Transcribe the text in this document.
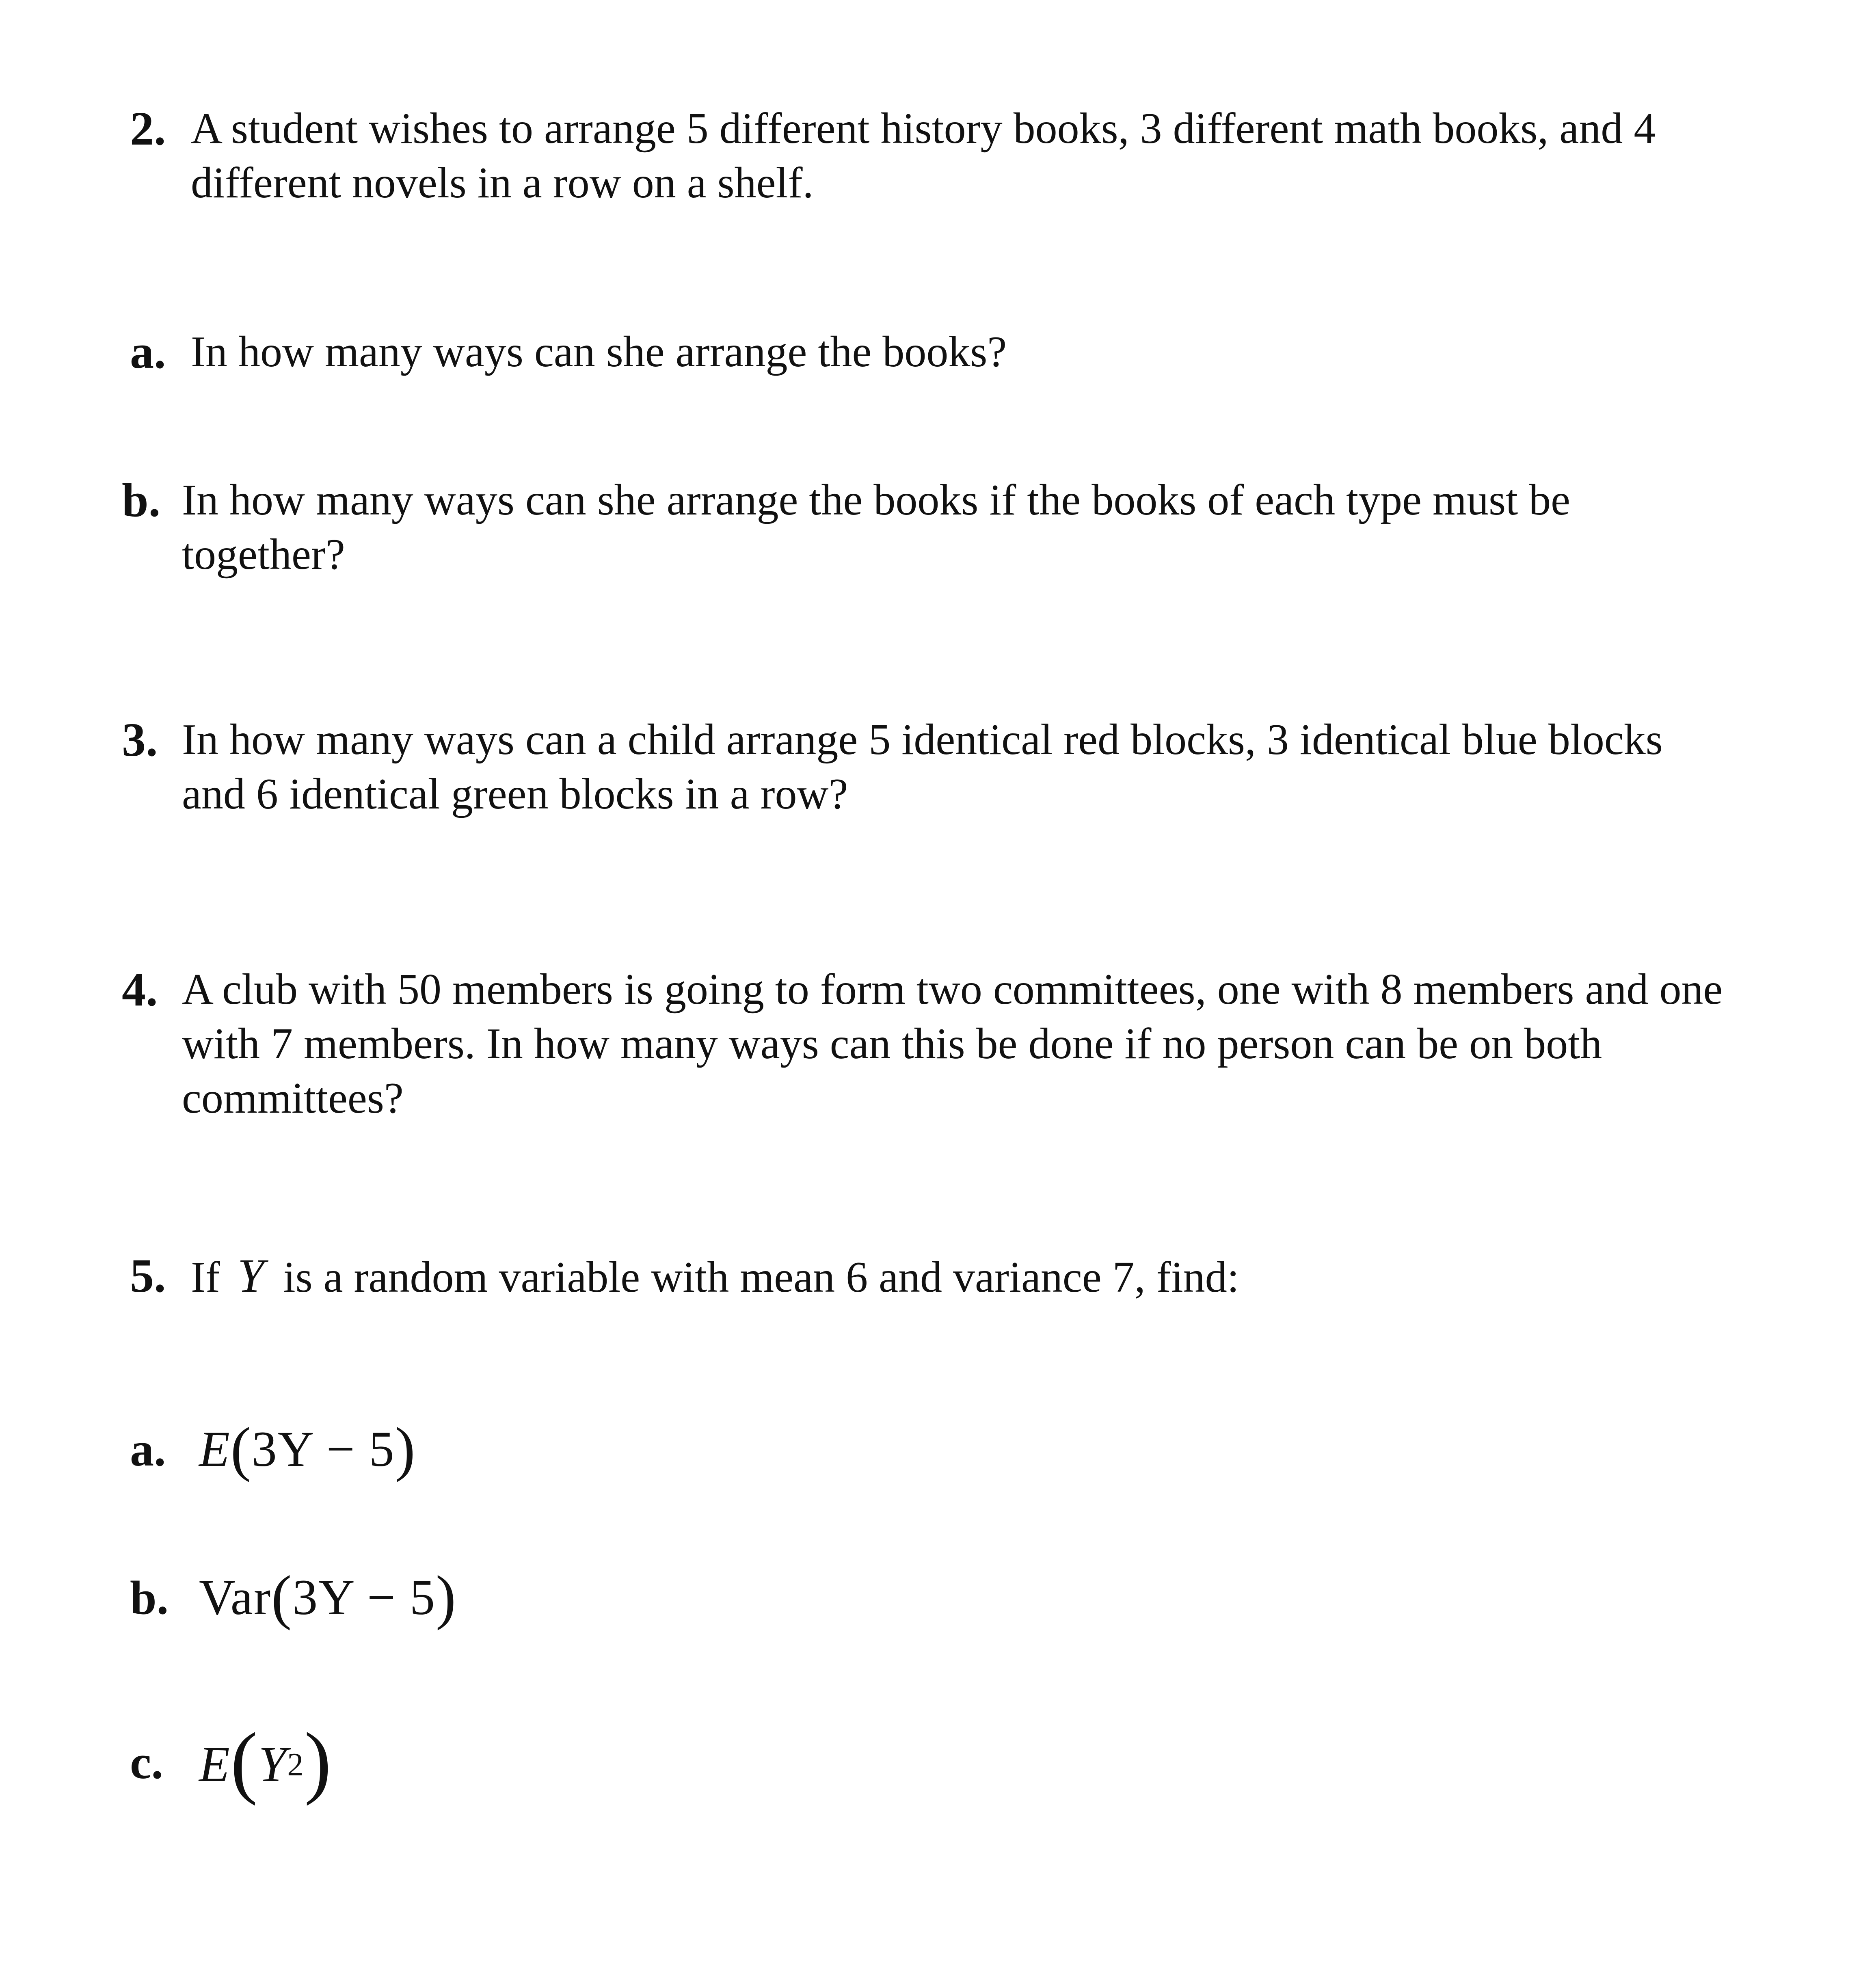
2. A student wishes to arrange 5 different history books, 3 different math books, and 4 different novels in a row on a shelf.
a. In how many ways can she arrange the books?
b. In how many ways can she arrange the books if the books of each type must be together?
3. In how many ways can a child arrange 5 identical red blocks, 3 identical blue blocks and 6 identical green blocks in a row?
4. A club with 50 members is going to form two committees, one with 8 members and one with 7 members. In how many ways can this be done if no person can be on both committees?
5. If Y is a random variable with mean 6 and variance 7, find:
a. E(3Y − 5)
b. Var(3Y − 5)
c. $E(Y^2)$
